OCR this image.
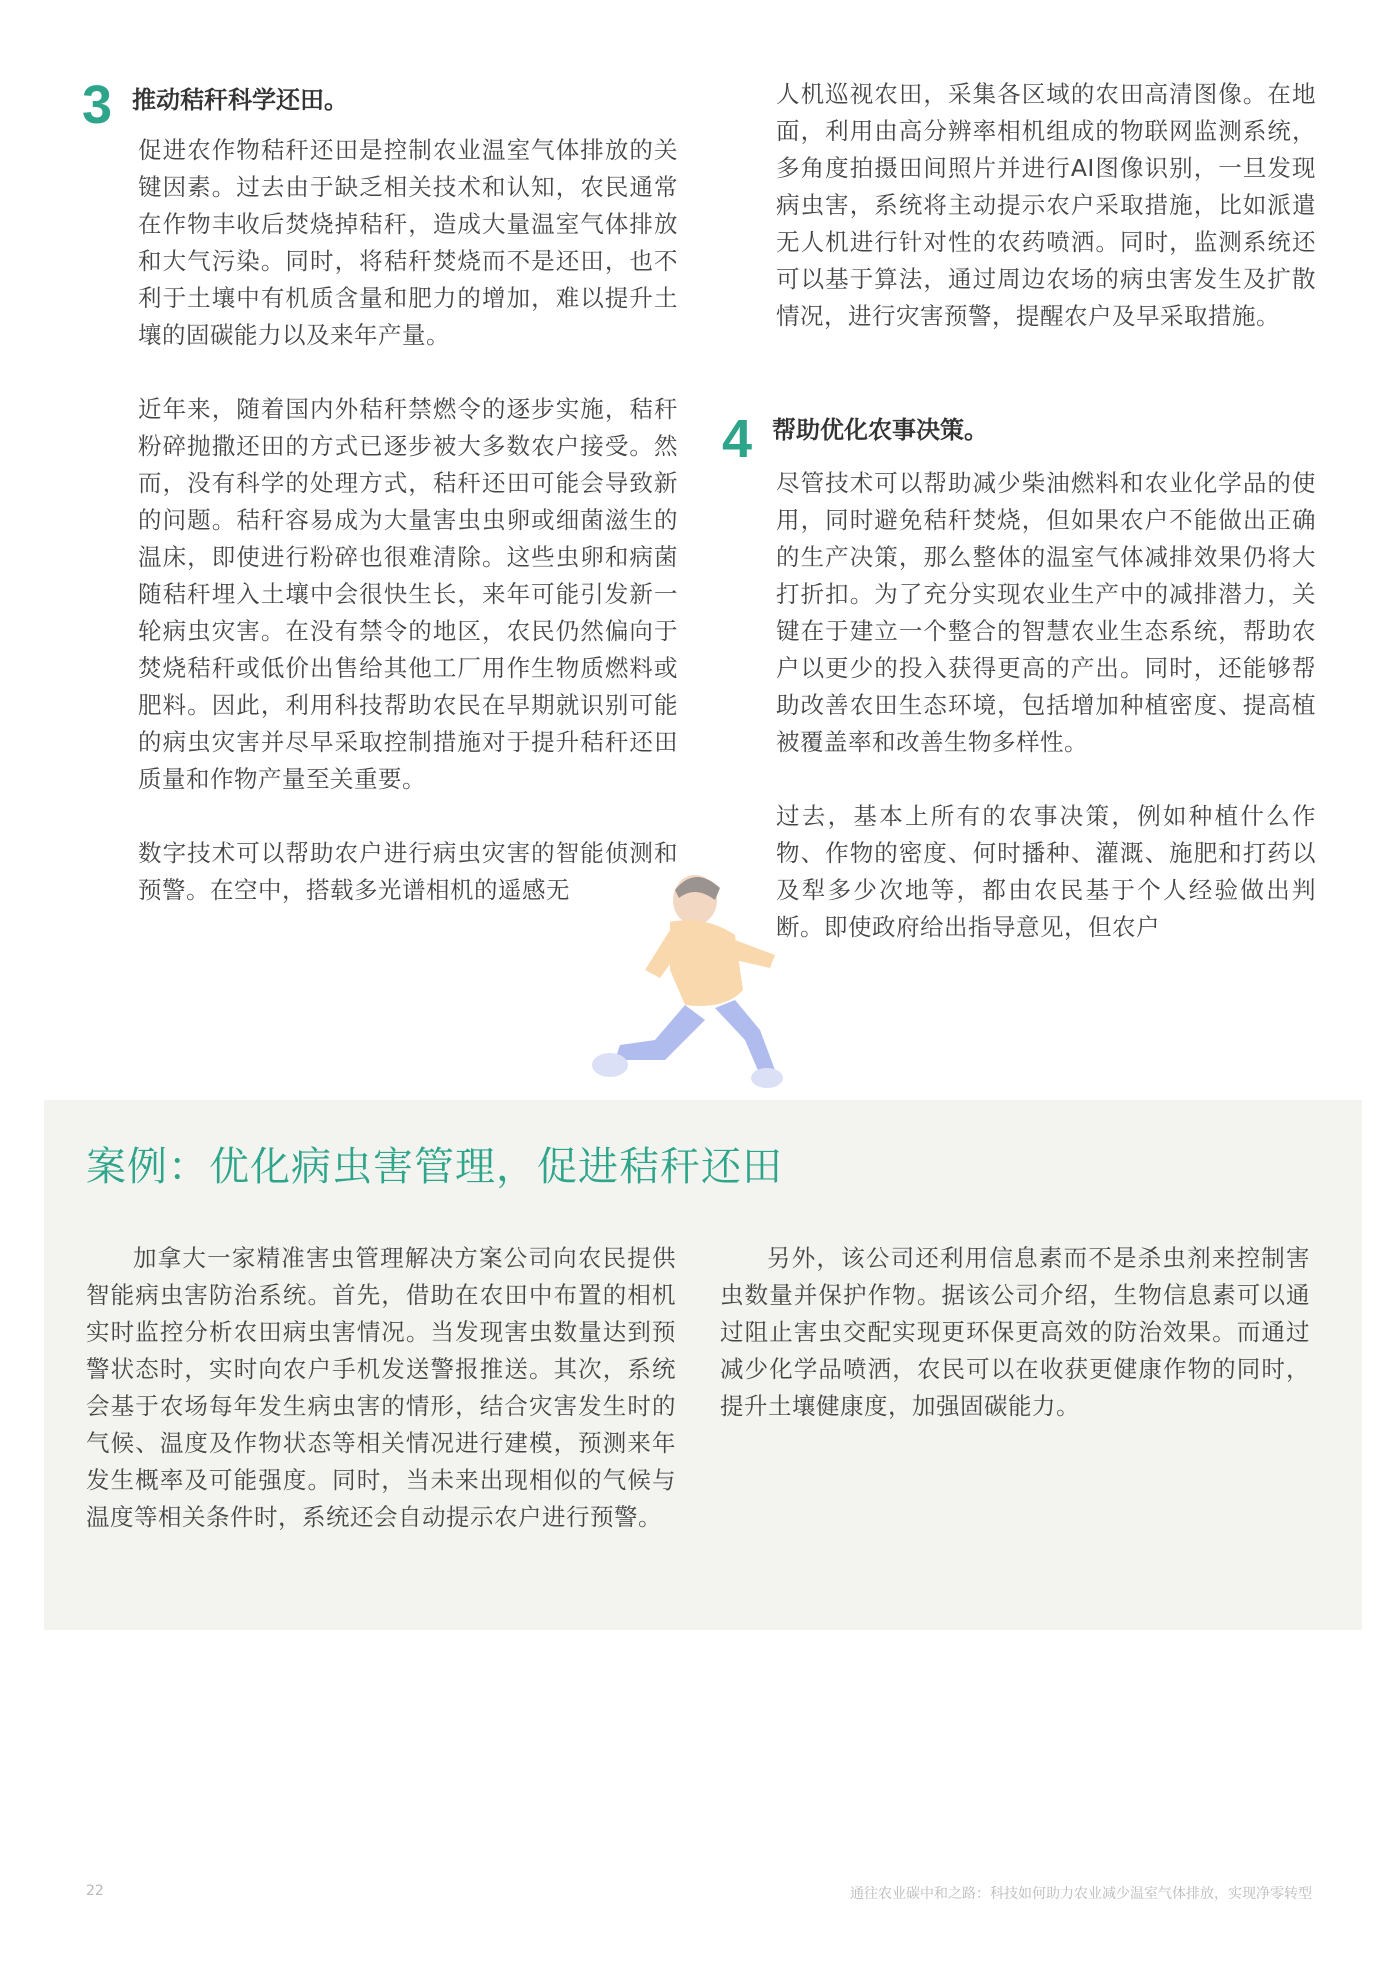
3 推动秸秆科学还田。

促进农作物秸秆还田是控制农业温室气体排放的关键因素。过去由于缺乏相关技术和认知，农民通常在作物丰收后焚烧掉秸秆，造成大量温室气体排放和大气污染。同时，将秸秆焚烧而不是还田，也不利于土壤中有机质含量和肥力的增加，难以提升土壤的固碳能力以及来年产量。

近年来，随着国内外秸秆禁燃令的逐步实施，秸秆粉碎抛撒还田的方式已逐步被大多数农户接受。然而，没有科学的处理方式，秸秆还田可能会导致新的问题。秸秆容易成为大量害虫虫卵或细菌滋生的温床，即使进行粉碎也很难清除。这些虫卵和病菌随秸秆埋入土壤中会很快生长，来年可能引发新一轮病虫灾害。在没有禁令的地区，农民仍然偏向于焚烧秸秆或低价出售给其他工厂用作生物质燃料或肥料。因此，利用科技帮助农民在早期就识别可能的病虫灾害并尽早采取控制措施对于提升秸秆还田质量和作物产量至关重要。

数字技术可以帮助农户进行病虫灾害的智能侦测和预警。在空中，搭载多光谱相机的遥感无

人机巡视农田，采集各区域的农田高清图像。在地面，利用由高分辨率相机组成的物联网监测系统，多角度拍摄田间照片并进行AI图像识别，一旦发现病虫害，系统将主动提示农户采取措施，比如派遣无人机进行针对性的农药喷洒。同时，监测系统还可以基于算法，通过周边农场的病虫害发生及扩散情况，进行灾害预警，提醒农户及早采取措施。

4 帮助优化农事决策。

尽管技术可以帮助减少柴油燃料和农业化学品的使用，同时避免秸秆焚烧，但如果农户不能做出正确的生产决策，那么整体的温室气体减排效果仍将大打折扣。为了充分实现农业生产中的减排潜力，关键在于建立一个整合的智慧农业生态系统，帮助农户以更少的投入获得更高的产出。同时，还能够帮助改善农田生态环境，包括增加种植密度、提高植被覆盖率和改善生物多样性。

过去，基本上所有的农事决策，例如种植什么作物、作物的密度、何时播种、灌溉、施肥和打药以及犁多少次地等，都由农民基于个人经验做出判断。即使政府给出指导意见，但农户

案例：优化病虫害管理，促进秸秆还田

加拿大一家精准害虫管理解决方案公司向农民提供智能病虫害防治系统。首先，借助在农田中布置的相机实时监控分析农田病虫害情况。当发现害虫数量达到预警状态时，实时向农户手机发送警报推送。其次，系统会基于农场每年发生病虫害的情形，结合灾害发生时的气候、温度及作物状态等相关情况进行建模，预测来年发生概率及可能强度。同时，当未来出现相似的气候与温度等相关条件时，系统还会自动提示农户进行预警。

另外，该公司还利用信息素而不是杀虫剂来控制害虫数量并保护作物。据该公司介绍，生物信息素可以通过阻止害虫交配实现更环保更高效的防治效果。而通过减少化学品喷洒，农民可以在收获更健康作物的同时，提升土壤健康度，加强固碳能力。

22	通往农业碳中和之路：科技如何助力农业减少温室气体排放，实现净零转型
